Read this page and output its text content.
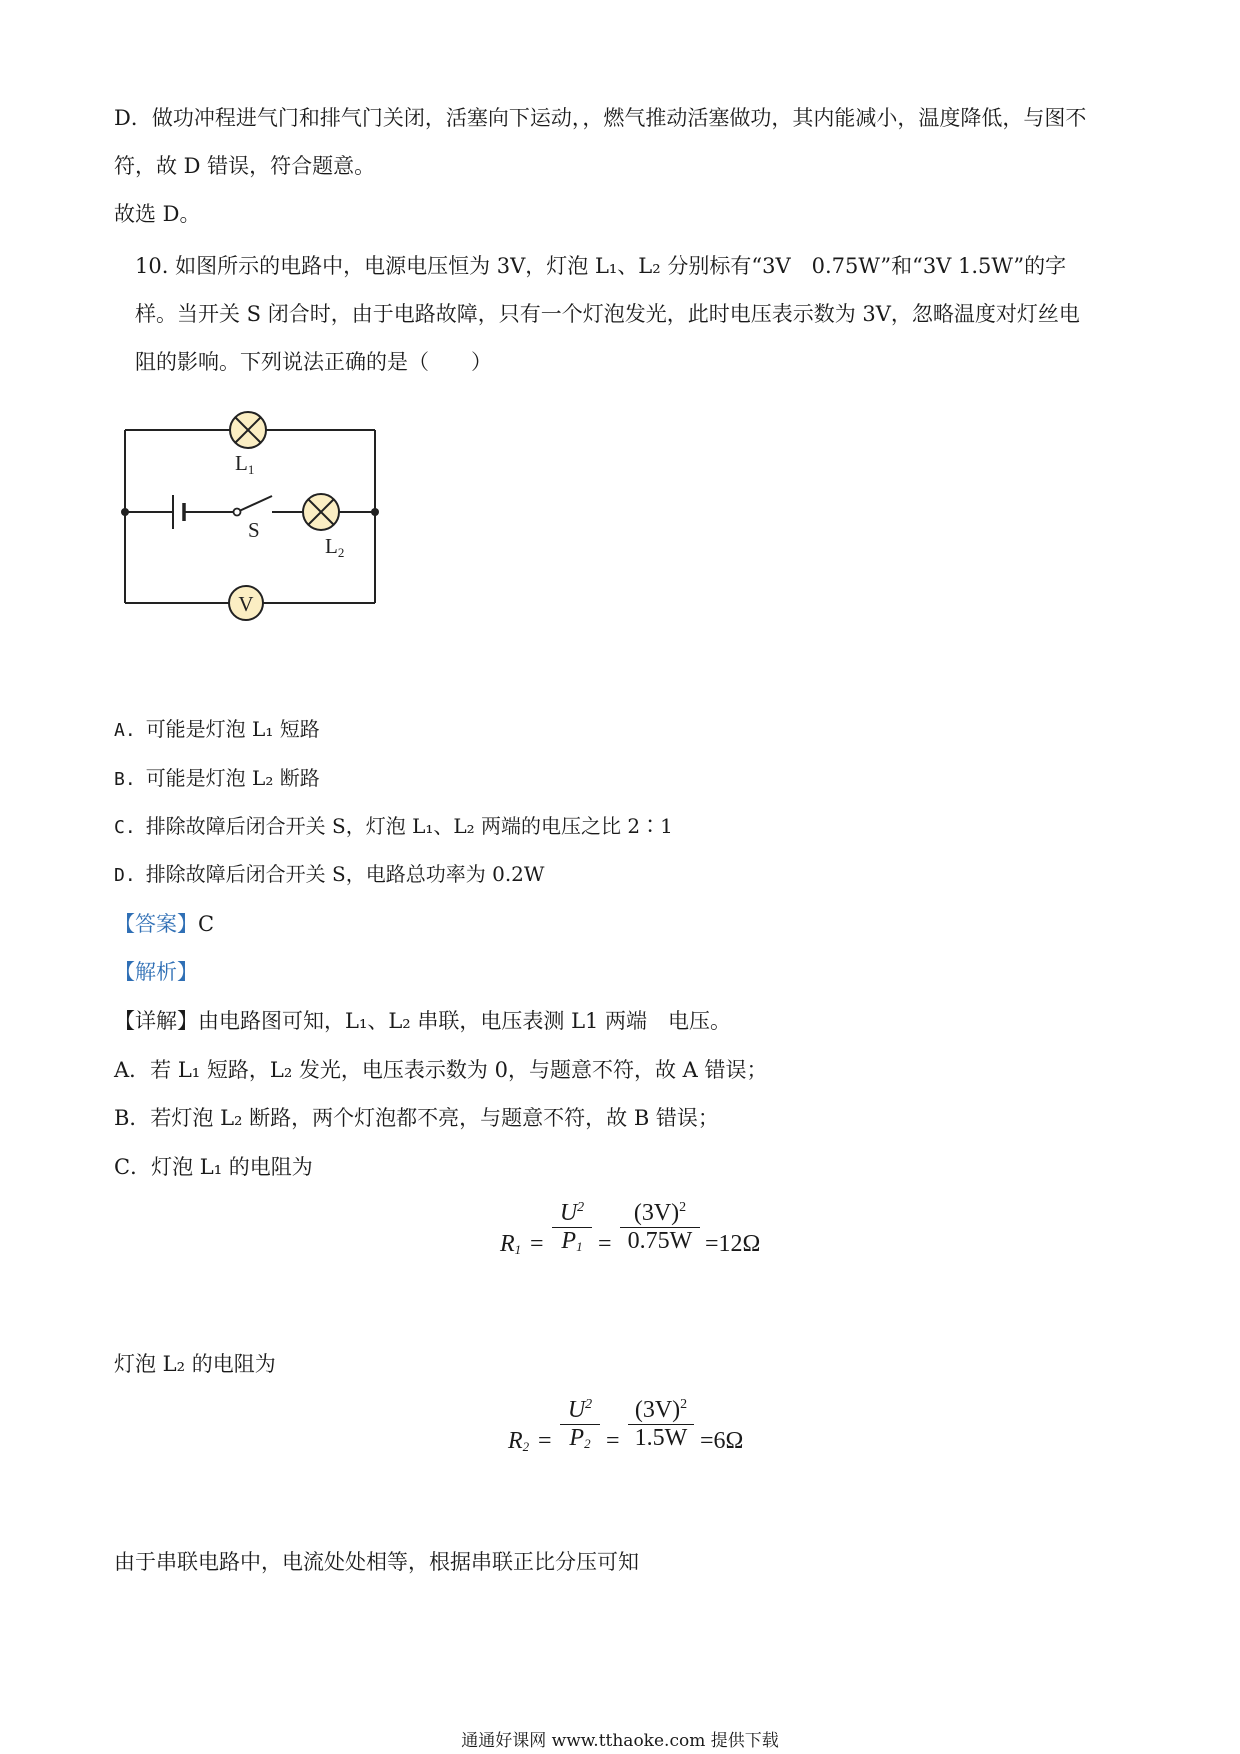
D．做功冲程进气门和排气门关闭，活塞向下运动，，燃气推动活塞做功，其内能减小，温度降低，与图不
符，故 D 错误，符合题意。
故选 D。
10. 如图所示的电路中，电源电压恒为 3V，灯泡 L₁、L₂ 分别标有“3V　0.75W”和“3V 1.5W”的字
样。当开关 S 闭合时，由于电路故障，只有一个灯泡发光，此时电压表示数为 3V，忽略温度对灯丝电
阻的影响。下列说法正确的是（　　）
V
L1
S
L2
A. 可能是灯泡 L₁ 短路
B. 可能是灯泡 L₂ 断路
C. 排除故障后闭合开关 S，灯泡 L₁、L₂ 两端的电压之比 2∶1
D. 排除故障后闭合开关 S，电路总功率为 0.2W
【答案】C
【解析】
【详解】由电路图可知，L₁、L₂ 串联，电压表测 L1 两端　电压。
A．若 L₁ 短路，L₂ 发光，电压表示数为 0，与题意不符，故 A 错误；
B．若灯泡 L₂ 断路，两个灯泡都不亮，与题意不符，故 B 错误；
C．灯泡 L₁ 的电阻为
$R_1$ =
$U^2$
$P_1$ =
$(3V)^2$
0.75W =12Ω
灯泡 L₂ 的电阻为
$R_2$ =
$U^2$
$P_2$ =
$(3V)^2$
1.5W =6Ω
由于串联电路中，电流处处相等，根据串联正比分压可知
通通好课网 www.tthaoke.com 提供下载
